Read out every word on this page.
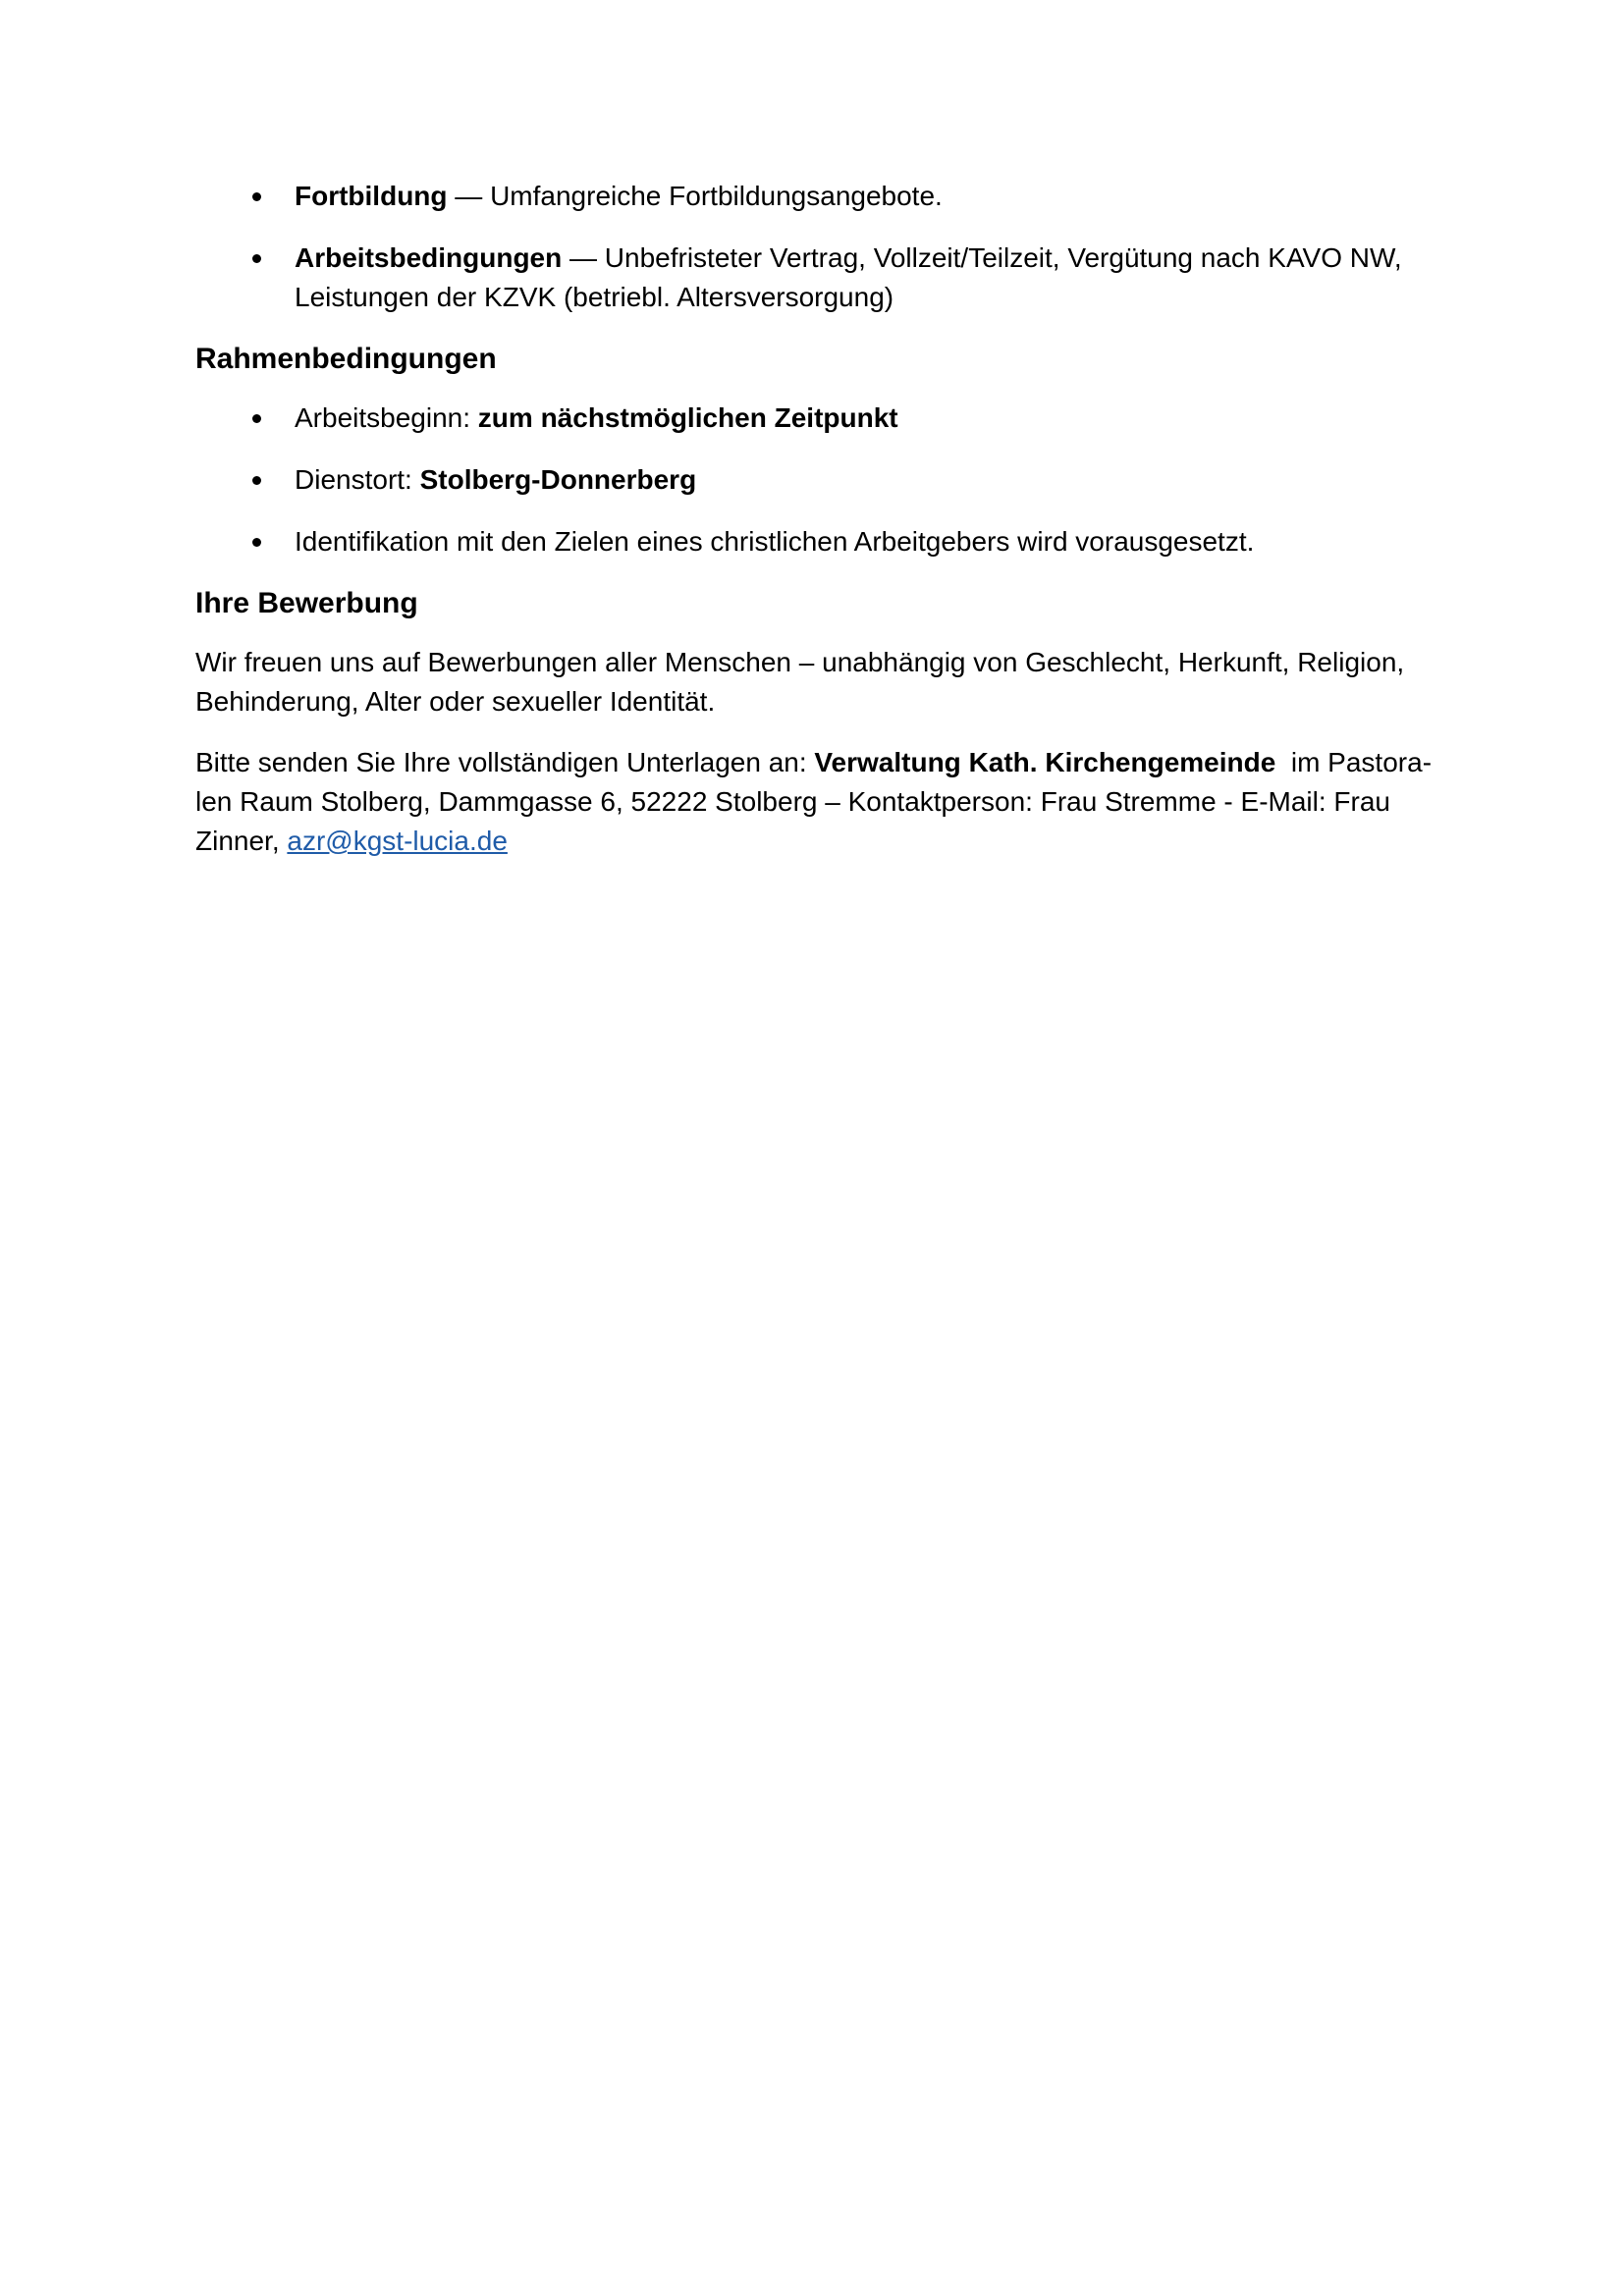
Fortbildung — Umfangreiche Fortbildungsangebote.
Arbeitsbedingungen — Unbefristeter Vertrag, Vollzeit/Teilzeit, Vergütung nach KAVO NW, Leistungen der KZVK (betriebl. Altersversorgung)
Rahmenbedingungen
Arbeitsbeginn: zum nächstmöglichen Zeitpunkt
Dienstort: Stolberg-Donnerberg
Identifikation mit den Zielen eines christlichen Arbeitgebers wird vorausgesetzt.
Ihre Bewerbung

Wir freuen uns auf Bewerbungen aller Menschen – unabhängig von Geschlecht, Herkunft, Religion, Behinderung, Alter oder sexueller Identität.

Bitte senden Sie Ihre vollständigen Unterlagen an: Verwaltung Kath. Kirchengemeinde  im Pastoralen Raum Stolberg, Dammgasse 6, 52222 Stolberg – Kontaktperson: Frau Stremme - E-Mail: Frau Zinner, azr@kgst-lucia.de
